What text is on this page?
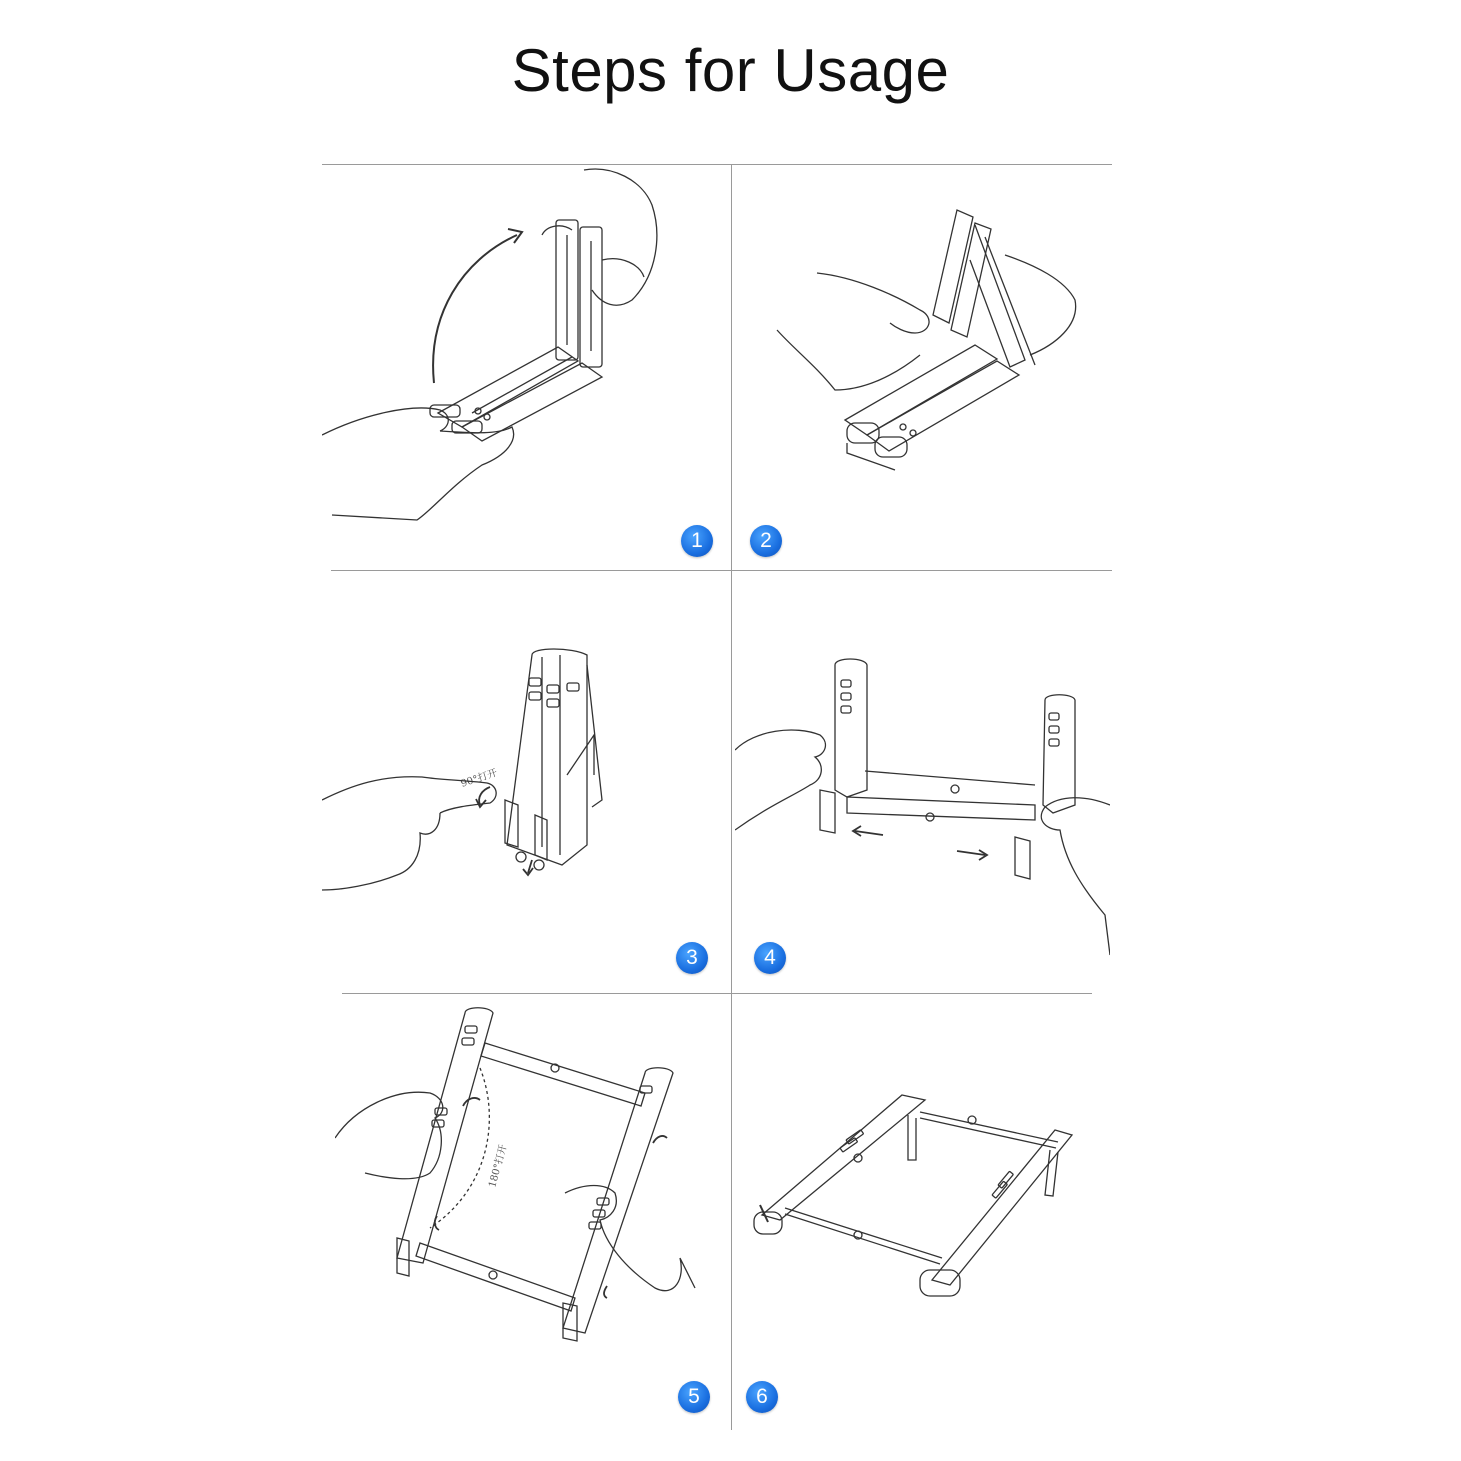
Steps for Usage
90°打开
180°打开
1	2
3	4
5	6
